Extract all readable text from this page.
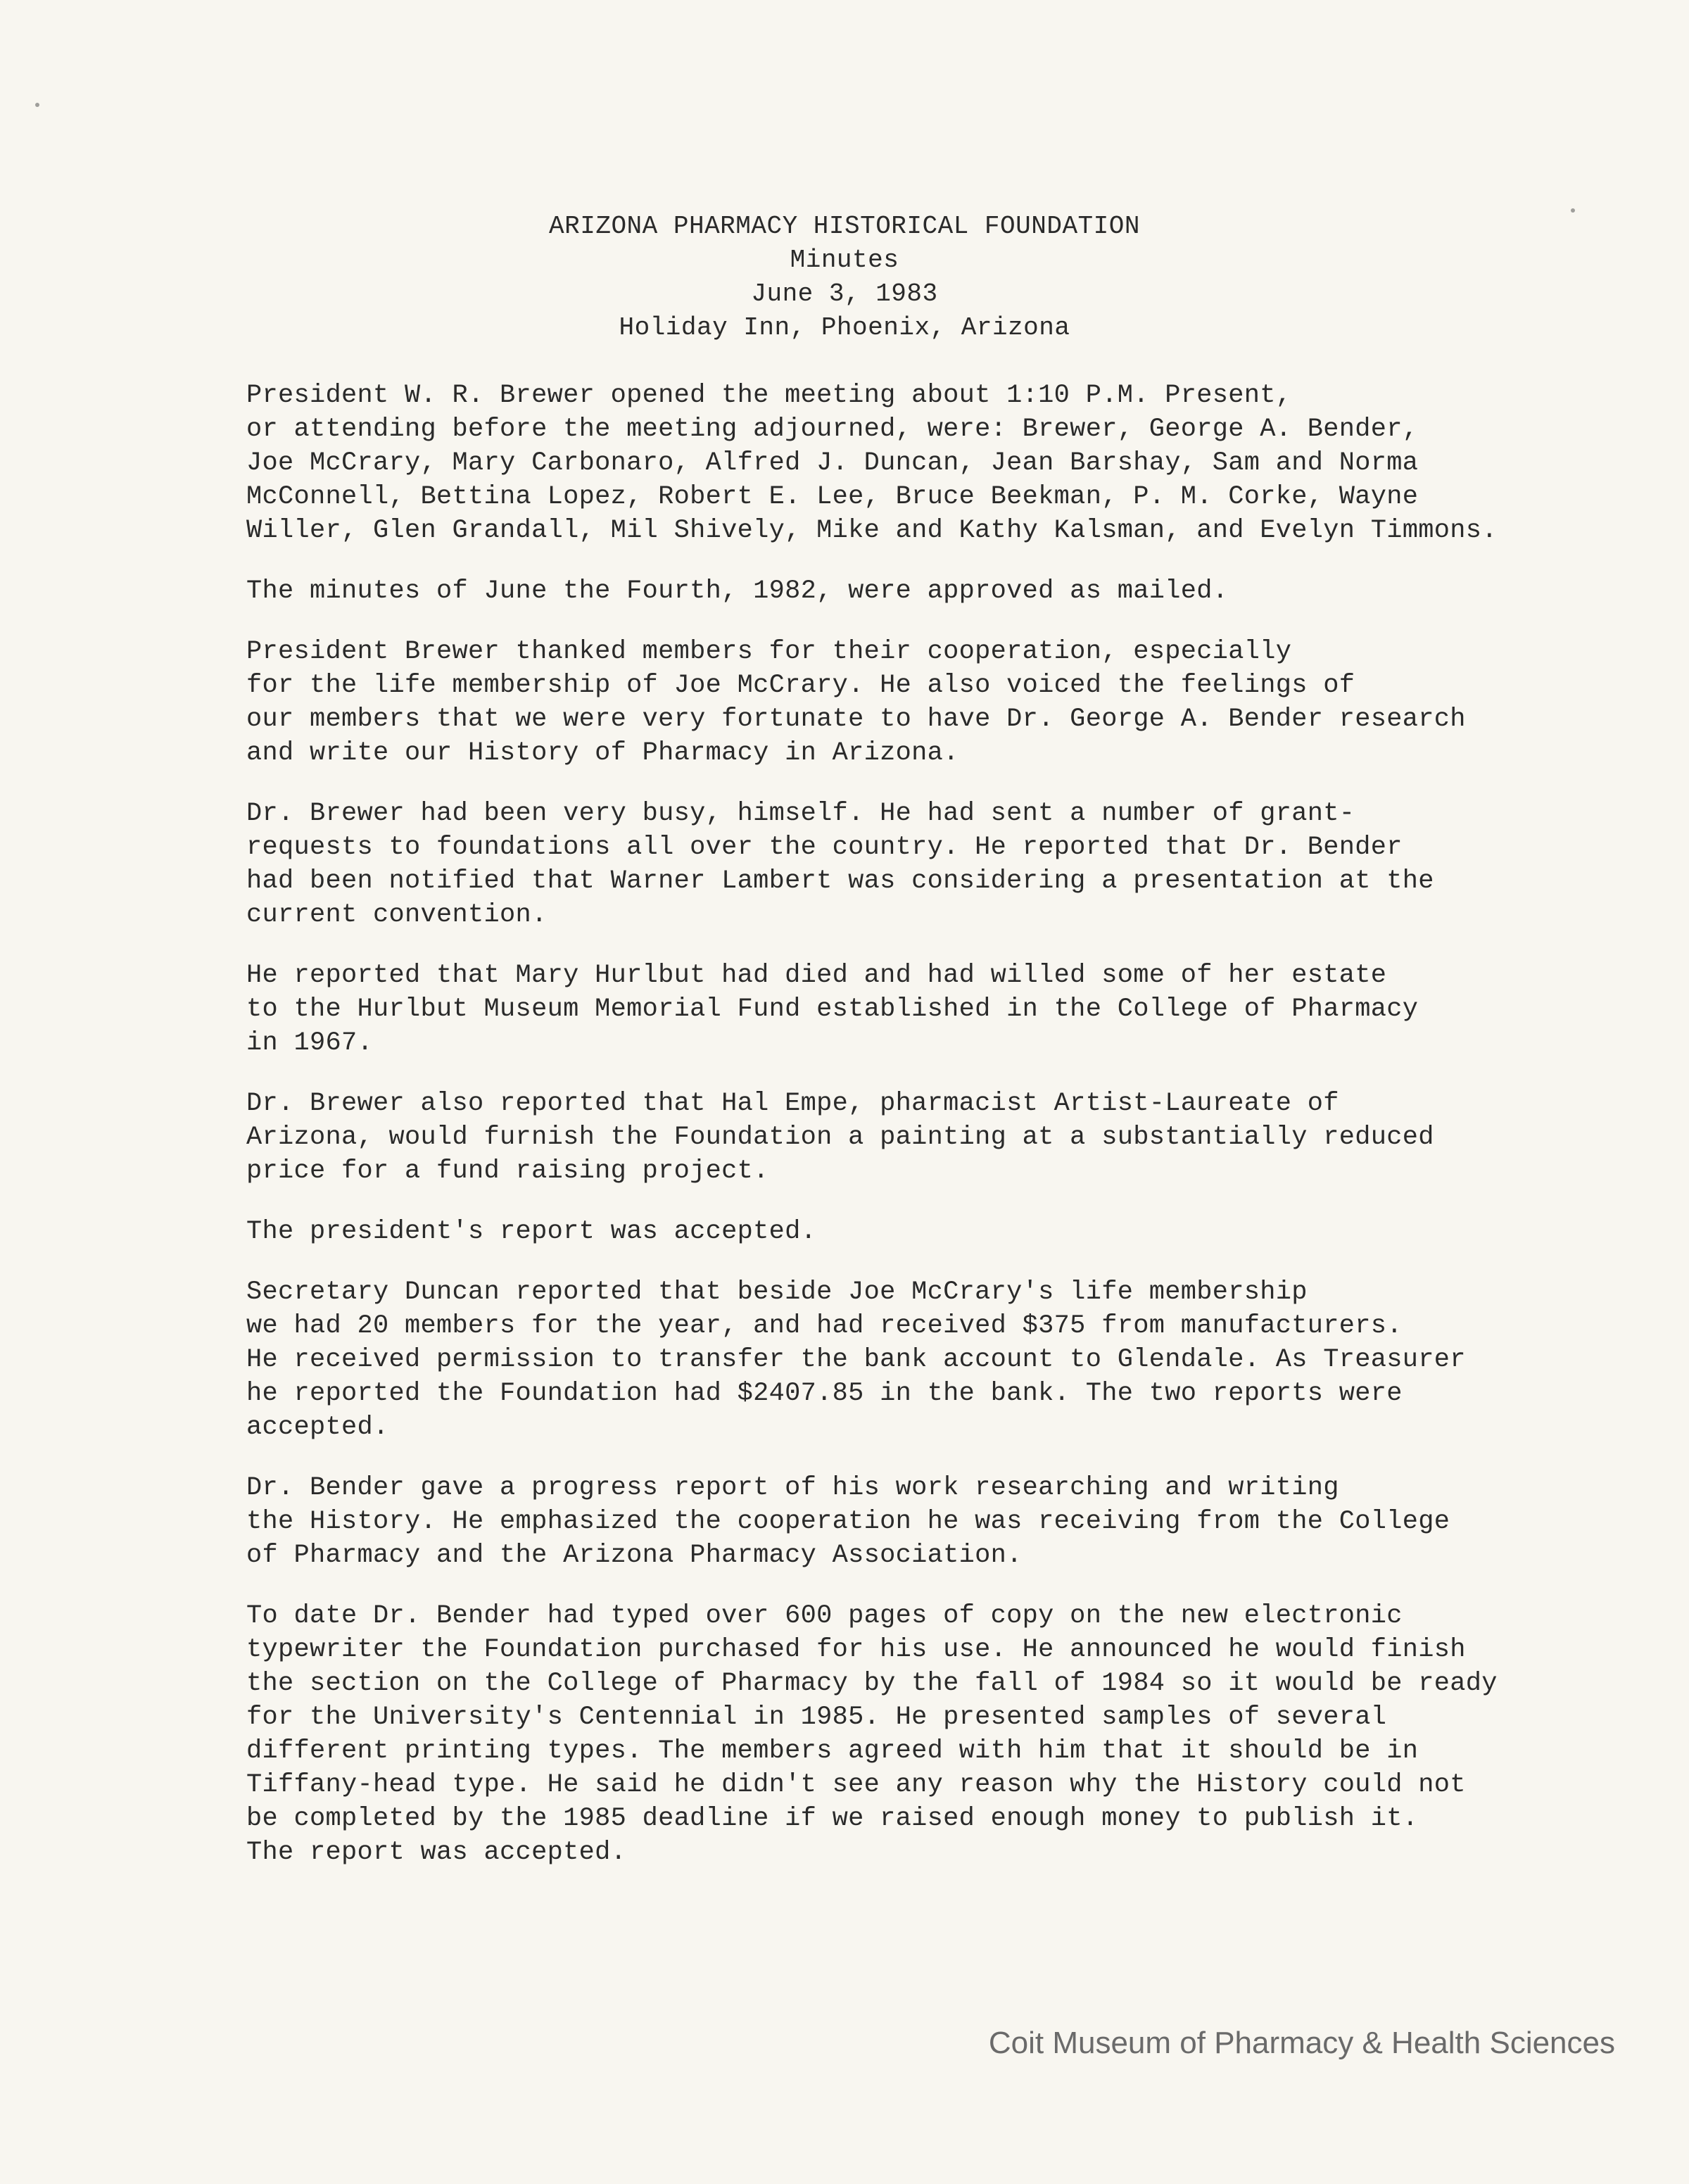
ARIZONA PHARMACY HISTORICAL FOUNDATION
Minutes
June 3, 1983
Holiday Inn, Phoenix, Arizona

President W. R. Brewer opened the meeting about 1:10 P.M. Present,
or attending before the meeting adjourned, were: Brewer, George A. Bender,
Joe McCrary, Mary Carbonaro, Alfred J. Duncan, Jean Barshay, Sam and Norma
McConnell, Bettina Lopez, Robert E. Lee, Bruce Beekman, P. M. Corke, Wayne
Willer, Glen Grandall, Mil Shively, Mike and Kathy Kalsman, and Evelyn Timmons.

The minutes of June the Fourth, 1982, were approved as mailed.

President Brewer thanked members for their cooperation, especially
for the life membership of Joe McCrary. He also voiced the feelings of
our members that we were very fortunate to have Dr. George A. Bender research
and write our History of Pharmacy in Arizona.

Dr. Brewer had been very busy, himself. He had sent a number of grant-
requests to foundations all over the country. He reported that Dr. Bender
had been notified that Warner Lambert was considering a presentation at the
current convention.

He reported that Mary Hurlbut had died and had willed some of her estate
to the Hurlbut Museum Memorial Fund established in the College of Pharmacy
in 1967.

Dr. Brewer also reported that Hal Empe, pharmacist Artist-Laureate of
Arizona, would furnish the Foundation a painting at a substantially reduced
price for a fund raising project.

The president's report was accepted.

Secretary Duncan reported that beside Joe McCrary's life membership
we had 20 members for the year, and had received $375 from manufacturers.
He received permission to transfer the bank account to Glendale. As Treasurer
he reported the Foundation had $2407.85 in the bank. The two reports were
accepted.

Dr. Bender gave a progress report of his work researching and writing
the History. He emphasized the cooperation he was receiving from the College
of Pharmacy and the Arizona Pharmacy Association.

To date Dr. Bender had typed over 600 pages of copy on the new electronic
typewriter the Foundation purchased for his use. He announced he would finish
the section on the College of Pharmacy by the fall of 1984 so it would be ready
for the University's Centennial in 1985. He presented samples of several
different printing types. The members agreed with him that it should be in
Tiffany-head type. He said he didn't see any reason why the History could not
be completed by the 1985 deadline if we raised enough money to publish it.
The report was accepted.

Coit Museum of Pharmacy & Health Sciences
